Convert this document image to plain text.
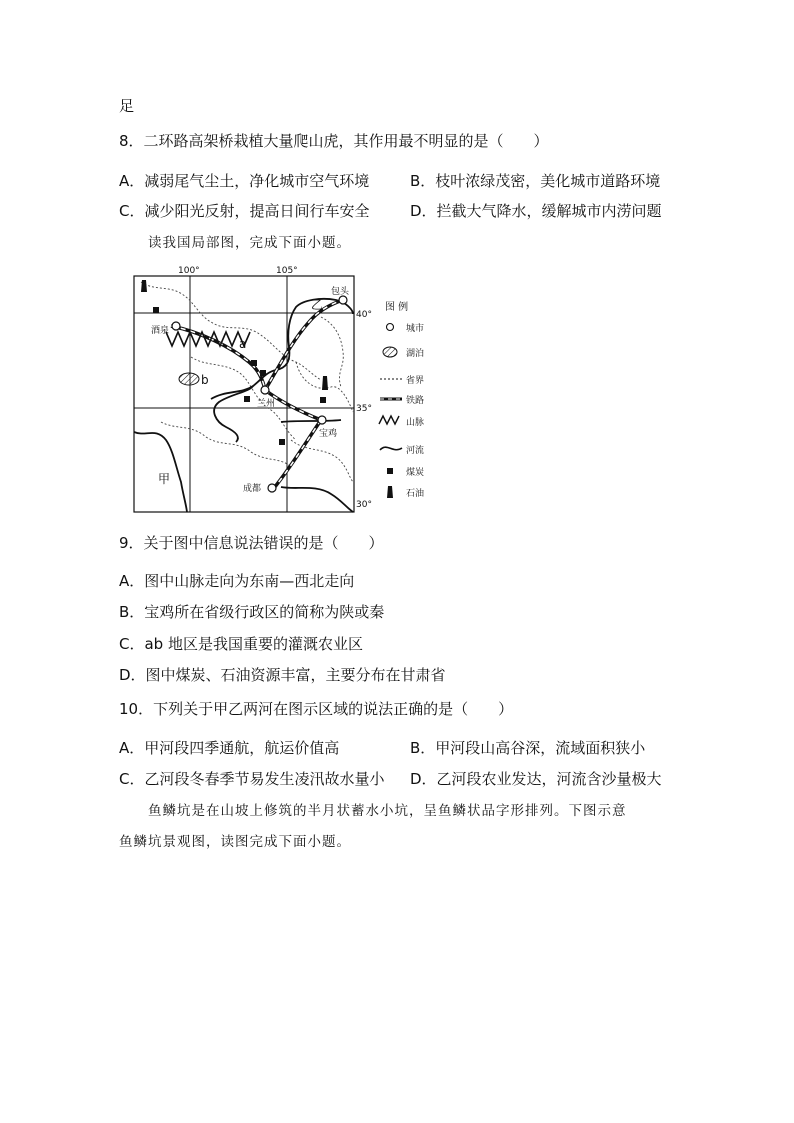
足
8．二环路高架桥栽植大量爬山虎，其作用最不明显的是（　　）
A．减弱尾气尘土，净化城市空气环境	B．枝叶浓绿茂密，美化城市道路环境
C．减少阳光反射，提高日间行车安全	D．拦截大气降水，缓解城市内涝问题
读我国局部图，完成下面小题。
100°	105°
40°
35°
30°
酒泉
兰州
宝鸡
成都
包头
a
b
甲
乙	图 例
城市
湖泊
省界
铁路
山脉
河流
煤炭
石油
9．关于图中信息说法错误的是（　　）
A．图中山脉走向为东南—西北走向
B．宝鸡所在省级行政区的简称为陕或秦
C．ab 地区是我国重要的灌溉农业区
D．图中煤炭、石油资源丰富，主要分布在甘肃省
10．下列关于甲乙两河在图示区域的说法正确的是（　　）
A．甲河段四季通航，航运价值高	B．甲河段山高谷深，流域面积狭小
C．乙河段冬春季节易发生凌汛故水量小 D．乙河段农业发达，河流含沙量极大
鱼鳞坑是在山坡上修筑的半月状蓄水小坑，呈鱼鳞状品字形排列。下图示意
鱼鳞坑景观图，读图完成下面小题。
